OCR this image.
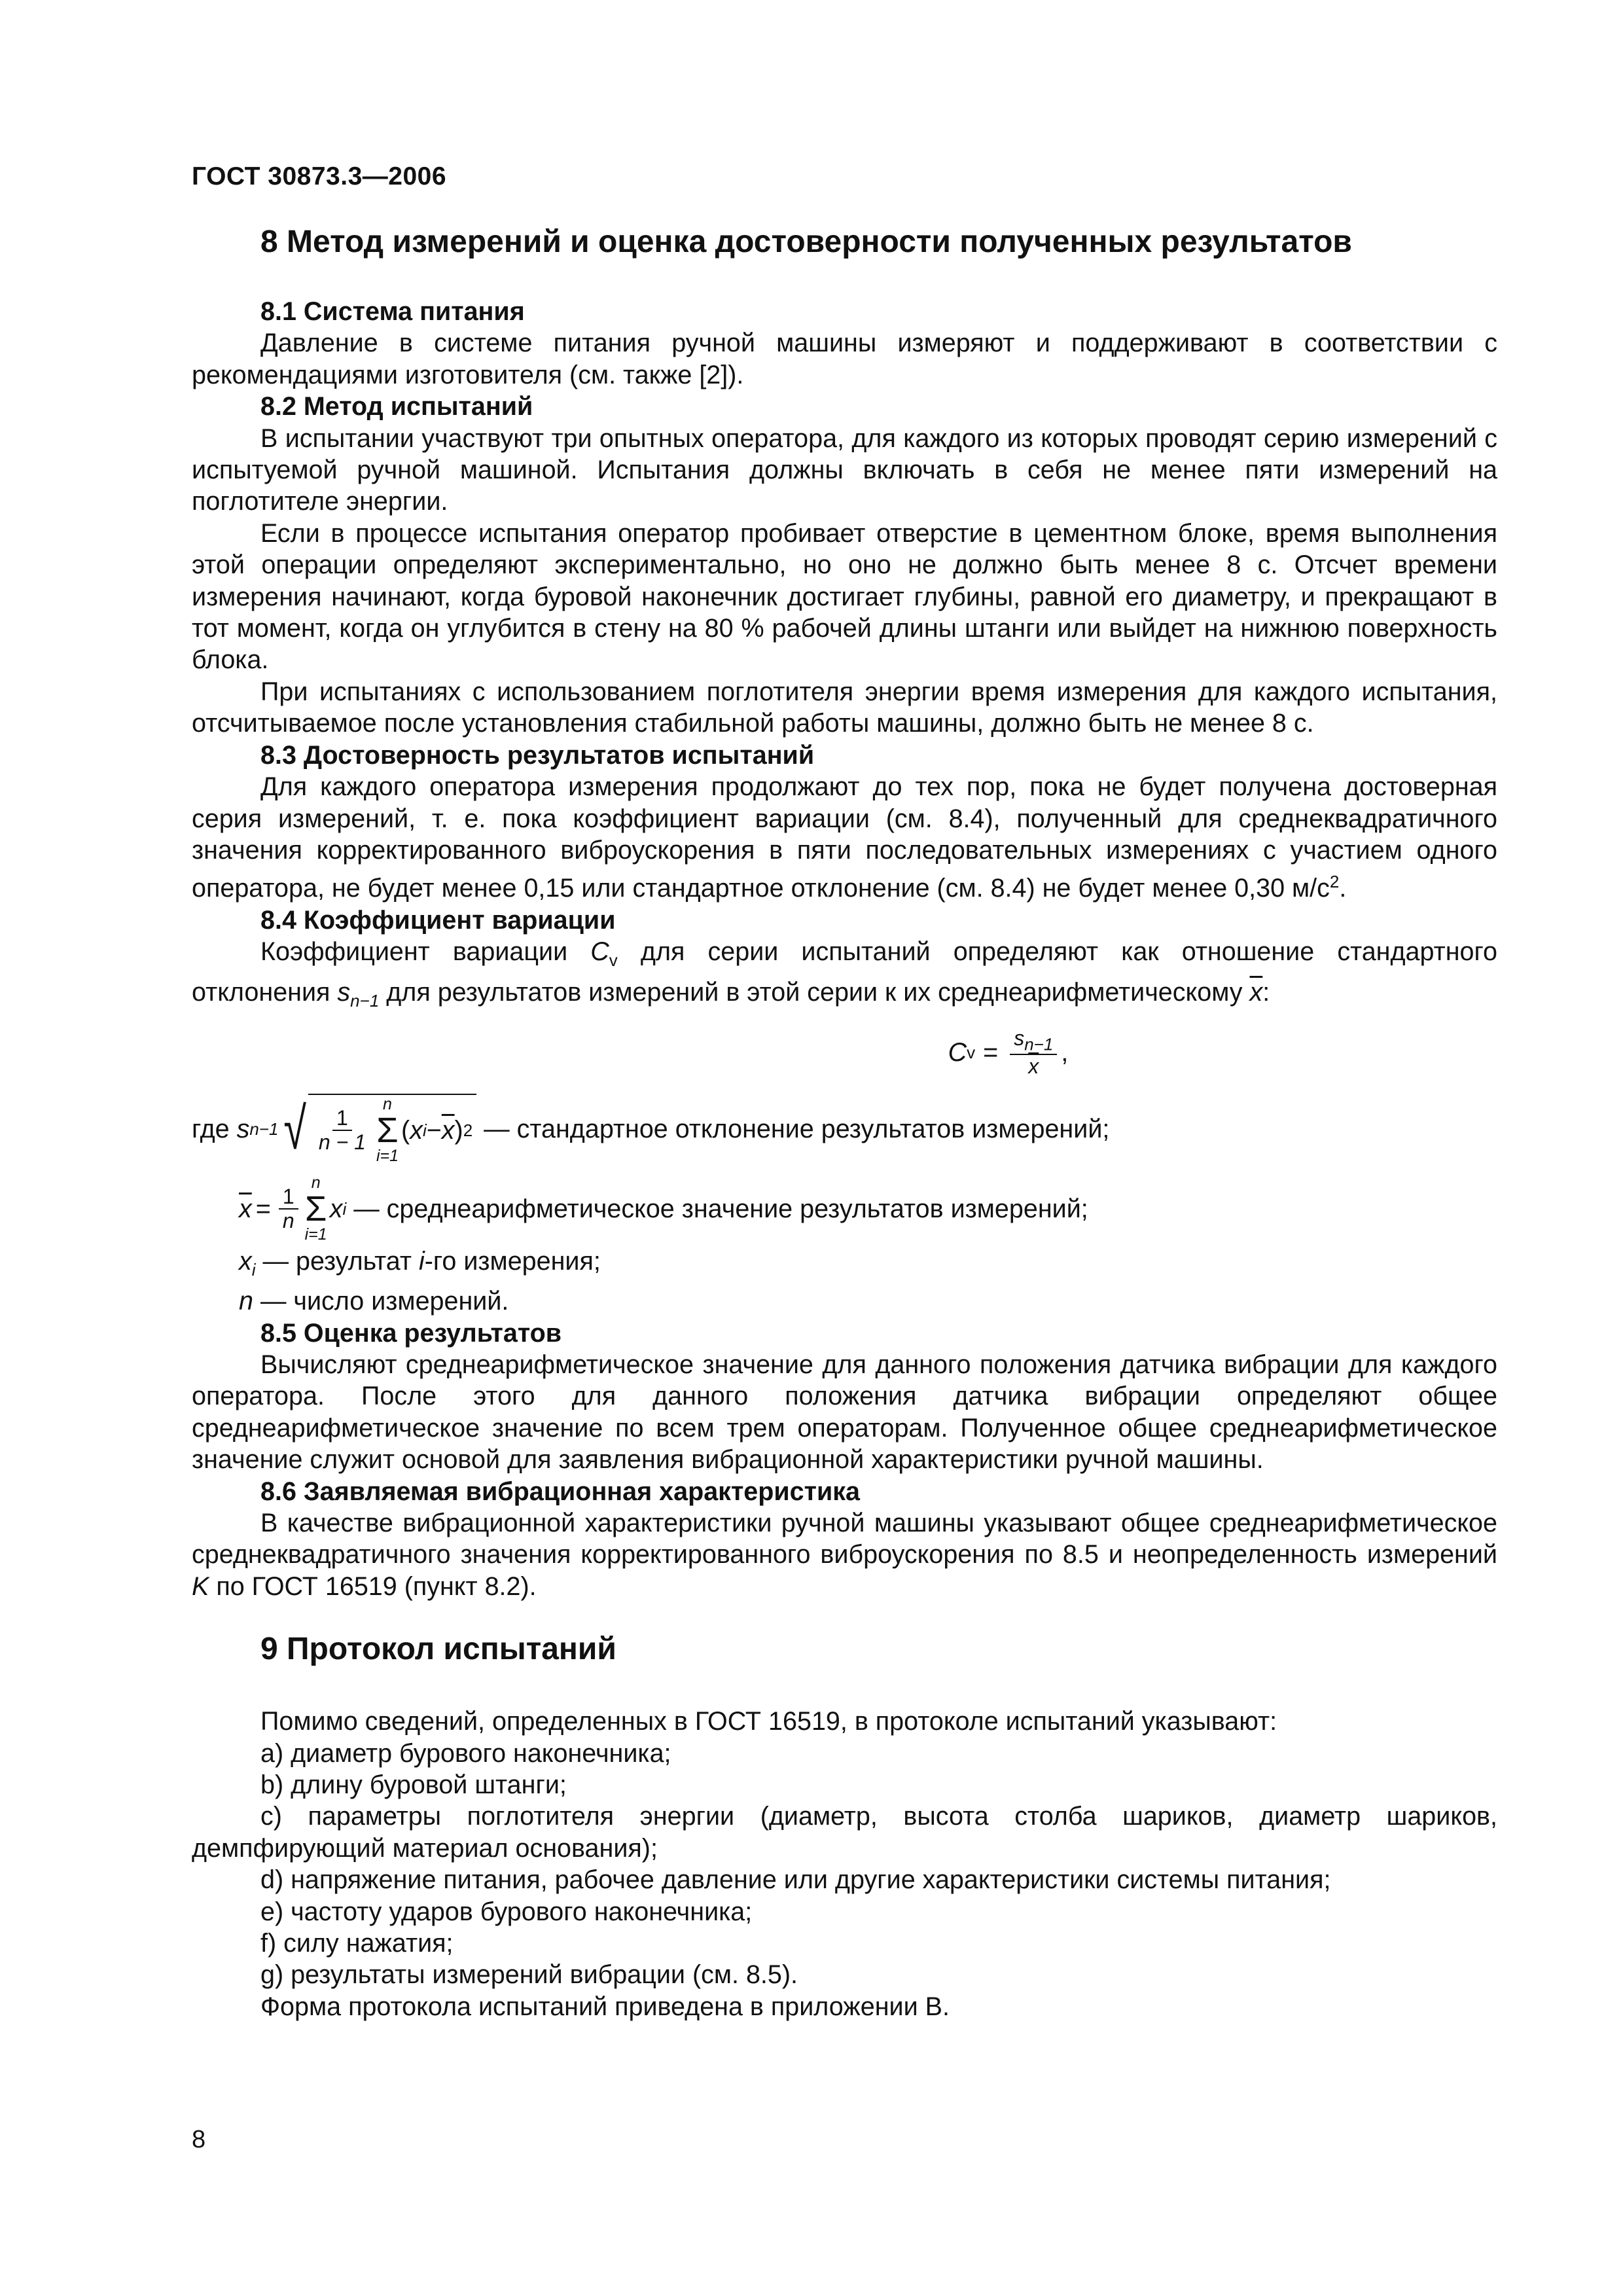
ГОСТ 30873.3—2006

8 Метод измерений и оценка достоверности полученных результатов

8.1 Система питания

Давление в системе питания ручной машины измеряют и поддерживают в соответствии с рекомендациями изготовителя (см. также [2]).

8.2 Метод испытаний

В испытании участвуют три опытных оператора, для каждого из которых проводят серию измерений с испытуемой ручной машиной. Испытания должны включать в себя не менее пяти измерений на поглотителе энергии.

Если в процессе испытания оператор пробивает отверстие в цементном блоке, время выполнения этой операции определяют экспериментально, но оно не должно быть менее 8 с. Отсчет времени измерения начинают, когда буровой наконечник достигает глубины, равной его диаметру, и прекращают в тот момент, когда он углубится в стену на 80 % рабочей длины штанги или выйдет на нижнюю поверхность блока.

При испытаниях с использованием поглотителя энергии время измерения для каждого испытания, отсчитываемое после установления стабильной работы машины, должно быть не менее 8 с.

8.3 Достоверность результатов испытаний

Для каждого оператора измерения продолжают до тех пор, пока не будет получена достоверная серия измерений, т. е. пока коэффициент вариации (см. 8.4), полученный для среднеквадратичного значения корректированного виброускорения в пяти последовательных измерениях с участием одного оператора, не будет менее 0,15 или стандартное отклонение (см. 8.4) не будет менее 0,30 $м/с^2$.

8.4 Коэффициент вариации

Коэффициент вариации $C_v$ для серии испытаний определяют как отношение стандартного отклонения $s_{n-1}$ для результатов измерений в этой серии к их среднеарифметическому $\overline{x}$:

C $v = \frac{s_{n-1}}{x}$ ,
где
s n−1 √ $\frac{1}{n - 1}$
n
Σ
i=1
( x $i - \overline{x}$ ) 2
— стандартное отклонение результатов измерений;
$\overline{x} = \frac{1}{n}$
n
Σ
i=1
x i
— среднеарифметическое значение результатов измерений;

$x_i$ — результат i-го измерения;

n — число измерений.

8.5 Оценка результатов

Вычисляют среднеарифметическое значение для данного положения датчика вибрации для каждого оператора. После этого для данного положения датчика вибрации определяют общее среднеарифметическое значение по всем трем операторам. Полученное общее среднеарифметическое значение служит основой для заявления вибрационной характеристики ручной машины.

8.6 Заявляемая вибрационная характеристика

В качестве вибрационной характеристики ручной машины указывают общее среднеарифметическое среднеквадратичного значения корректированного виброускорения по 8.5 и неопределенность измерений K по ГОСТ 16519 (пункт 8.2).

9 Протокол испытаний

Помимо сведений, определенных в ГОСТ 16519, в протоколе испытаний указывают:

а) диаметр бурового наконечника;

b) длину буровой штанги;

c) параметры поглотителя энергии (диаметр, высота столба шариков, диаметр шариков, демпфирующий материал основания);

d) напряжение питания, рабочее давление или другие характеристики системы питания;

е) частоту ударов бурового наконечника;

f) силу нажатия;

g) результаты измерений вибрации (см. 8.5).

Форма протокола испытаний приведена в приложении В.

8
